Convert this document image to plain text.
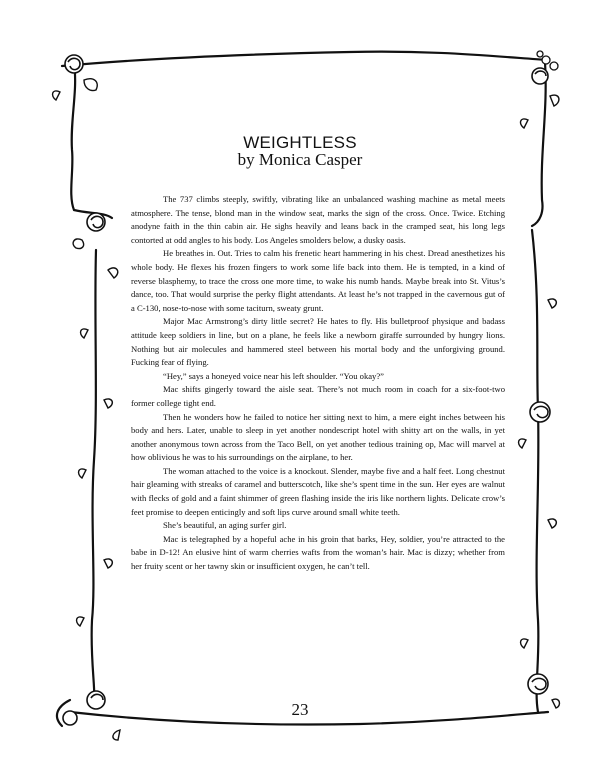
WEIGHTLESS
by Monica Casper

The 737 climbs steeply, swiftly, vibrating like an unbalanced washing machine as metal meets atmosphere. The tense, blond man in the window seat, marks the sign of the cross. Once. Twice. Etching anodyne faith in the thin cabin air. He sighs heavily and leans back in the cramped seat, his long legs contorted at odd angles to his body. Los Angeles smolders below, a dusky oasis.

He breathes in. Out. Tries to calm his frenetic heart hammering in his chest. Dread anesthetizes his whole body. He flexes his frozen fingers to work some life back into them. He is tempted, in a kind of reverse blasphemy, to trace the cross one more time, to wake his numb hands. Maybe break into St. Vitus’s dance, too. That would surprise the perky flight attendants. At least he’s not trapped in the cavernous gut of a C-130, nose-to-nose with some taciturn, sweaty grunt.

Major Mac Armstrong’s dirty little secret? He hates to fly. His bulletproof physique and badass attitude keep soldiers in line, but on a plane, he feels like a newborn giraffe surrounded by hungry lions. Nothing but air molecules and hammered steel between his mortal body and the unforgiving ground. Fucking fear of flying.

“Hey,” says a honeyed voice near his left shoulder. “You okay?”

Mac shifts gingerly toward the aisle seat. There’s not much room in coach for a six-foot-two former college tight end.

Then he wonders how he failed to notice her sitting next to him, a mere eight inches between his body and hers. Later, unable to sleep in yet another nondescript hotel with shitty art on the walls, in yet another anonymous town across from the Taco Bell, on yet another tedious training op, Mac will marvel at how oblivious he was to his surroundings on the airplane, to her.

The woman attached to the voice is a knockout. Slender, maybe five and a half feet. Long chestnut hair gleaming with streaks of caramel and butterscotch, like she’s spent time in the sun. Her eyes are walnut with flecks of gold and a faint shimmer of green flashing inside the iris like northern lights. Delicate crow’s feet promise to deepen enticingly and soft lips curve around small white teeth.

She’s beautiful, an aging surfer girl.

Mac is telegraphed by a hopeful ache in his groin that barks, Hey, soldier, you’re attracted to the babe in D-12! An elusive hint of warm cherries wafts from the woman’s hair. Mac is dizzy; whether from her fruity scent or her tawny skin or insufficient oxygen, he can’t tell.

23
